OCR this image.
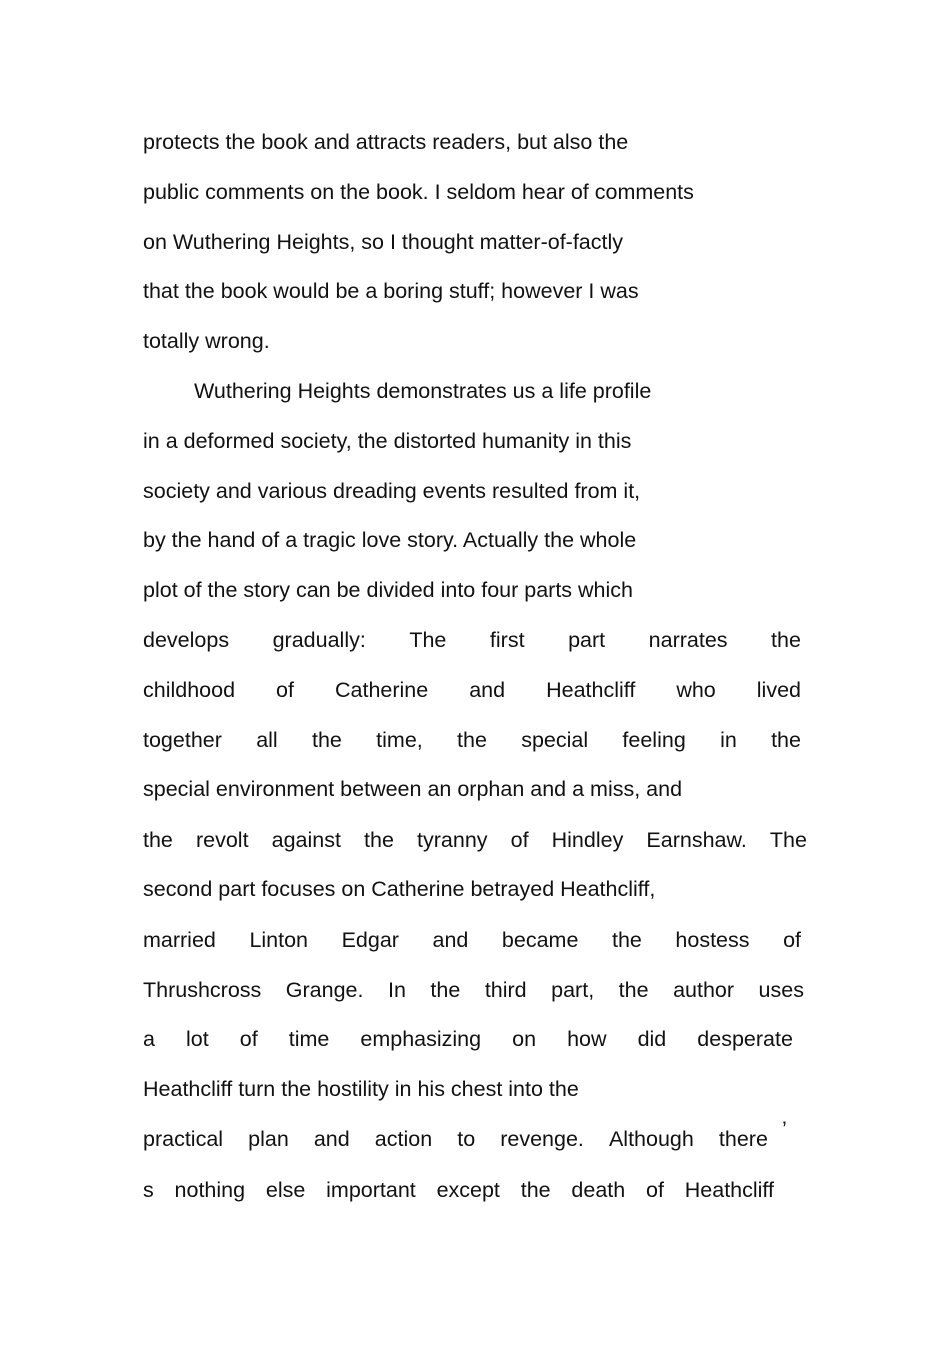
protects the book and attracts readers, but also the
public comments on the book. I seldom hear of comments
on Wuthering Heights, so I thought matter-of-factly
that the book would be a boring stuff; however I was
totally wrong.
Wuthering Heights demonstrates us a life profile
in a deformed society, the distorted humanity in this
society and various dreading events resulted from it,
by the hand of a tragic love story. Actually the whole
plot of the story can be divided into four parts which
develops gradually: The first part narrates the
childhood of Catherine and Heathcliff who lived
together all the time, the special feeling in the
special environment between an orphan and a miss, and
the revolt against the tyranny of Hindley Earnshaw. The
second part focuses on Catherine betrayed Heathcliff,
married Linton Edgar and became the hostess of
Thrushcross Grange. In the third part, the author uses
a lot of time emphasizing on how did desperate
Heathcliff turn the hostility in his chest into the
practical plan and action to revenge. Although there ’
s nothing else important except the death of Heathcliff
